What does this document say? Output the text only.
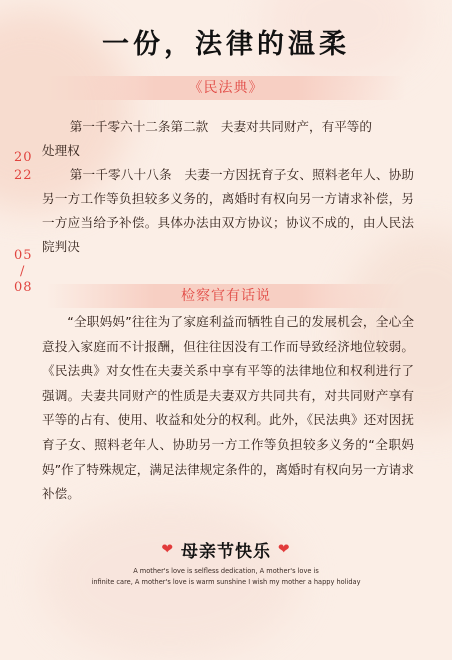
一份，法律的温柔
《民法典》

第一千零六十二条第二款　夫妻对共同财产，有平等的

处理权

第一千零八十八条　夫妻一方因抚育子女、照料老年人、协助另一方工作等负担较多义务的，离婚时有权向另一方请求补偿，另一方应当给予补偿。具体办法由双方协议；协议不成的，由人民法院判决

20
22
05
/
08
检察官有话说

“全职妈妈”往往为了家庭利益而牺牲自己的发展机会，全心全意投入家庭而不计报酬，但往往因没有工作而导致经济地位较弱。《民法典》对女性在夫妻关系中享有平等的法律地位和权利进行了强调。夫妻共同财产的性质是夫妻双方共同共有，对共同财产享有平等的占有、使用、收益和处分的权利。此外，《民法典》还对因抚育子女、照料老年人、协助另一方工作等负担较多义务的“全职妈妈”作了特殊规定，满足法律规定条件的，离婚时有权向另一方请求补偿。

❤ 母亲节快乐 ❤
A mother's love is selfless dedication, A mother's love is
infinite care, A mother's love is warm sunshine I wish my mother a happy holiday
